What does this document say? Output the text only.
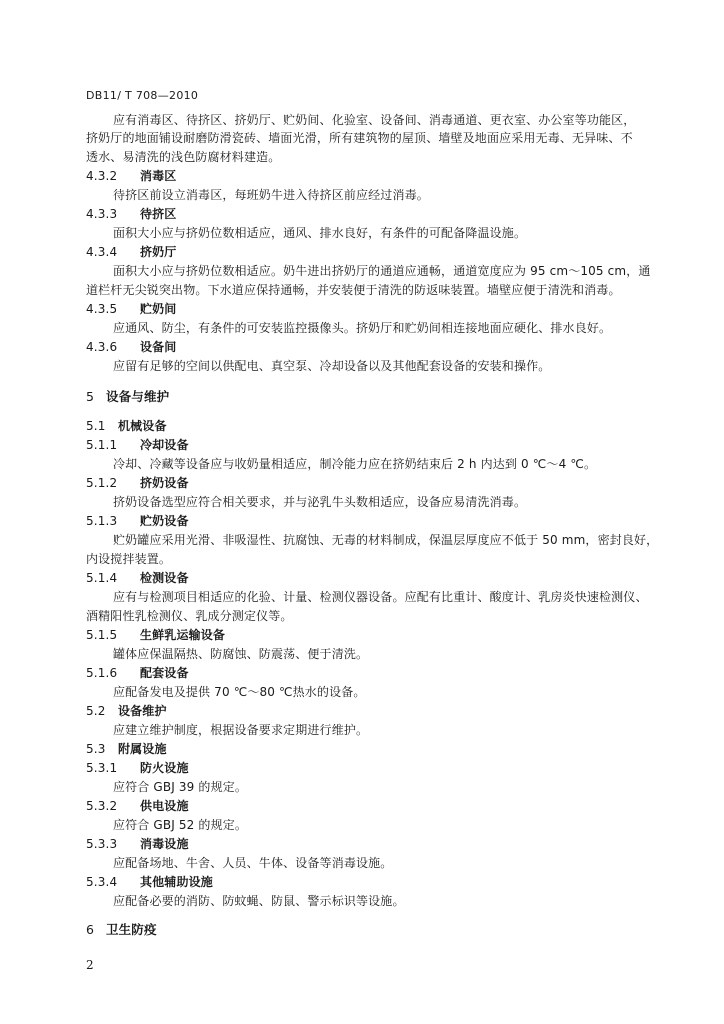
DB11/ T 708—2010
应有消毒区、待挤区、挤奶厅、贮奶间、化验室、设备间、消毒通道、更衣室、办公室等功能区，
挤奶厅的地面铺设耐磨防滑瓷砖、墙面光滑，所有建筑物的屋顶、墙壁及地面应采用无毒、无异味、不
透水、易清洗的浅色防腐材料建造。
4.3.2 消毒区
待挤区前设立消毒区，每班奶牛进入待挤区前应经过消毒。
4.3.3 待挤区
面积大小应与挤奶位数相适应，通风、排水良好，有条件的可配备降温设施。
4.3.4 挤奶厅
面积大小应与挤奶位数相适应。奶牛进出挤奶厅的通道应通畅，通道宽度应为 95 cm～105 cm，通
道栏杆无尖锐突出物。下水道应保持通畅，并安装便于清洗的防返味装置。墙壁应便于清洗和消毒。
4.3.5 贮奶间
应通风、防尘，有条件的可安装监控摄像头。挤奶厅和贮奶间相连接地面应硬化、排水良好。
4.3.6 设备间
应留有足够的空间以供配电、真空泵、冷却设备以及其他配套设备的安装和操作。
5 设备与维护
5.1 机械设备
5.1.1 冷却设备
冷却、冷藏等设备应与收奶量相适应，制冷能力应在挤奶结束后 2 h 内达到 0 ℃～4 ℃。
5.1.2 挤奶设备
挤奶设备选型应符合相关要求，并与泌乳牛头数相适应，设备应易清洗消毒。
5.1.3 贮奶设备
贮奶罐应采用光滑、非吸湿性、抗腐蚀、无毒的材料制成，保温层厚度应不低于 50 mm，密封良好，
内设搅拌装置。
5.1.4 检测设备
应有与检测项目相适应的化验、计量、检测仪器设备。应配有比重计、酸度计、乳房炎快速检测仪、
酒精阳性乳检测仪、乳成分测定仪等。
5.1.5 生鲜乳运输设备
罐体应保温隔热、防腐蚀、防震荡、便于清洗。
5.1.6 配套设备
应配备发电及提供 70 ℃～80 ℃热水的设备。
5.2 设备维护
应建立维护制度，根据设备要求定期进行维护。
5.3 附属设施
5.3.1 防火设施
应符合 GBJ 39 的规定。
5.3.2 供电设施
应符合 GBJ 52 的规定。
5.3.3 消毒设施
应配备场地、牛舍、人员、牛体、设备等消毒设施。
5.3.4 其他辅助设施
应配备必要的消防、防蚊蝇、防鼠、警示标识等设施。
6 卫生防疫
2
